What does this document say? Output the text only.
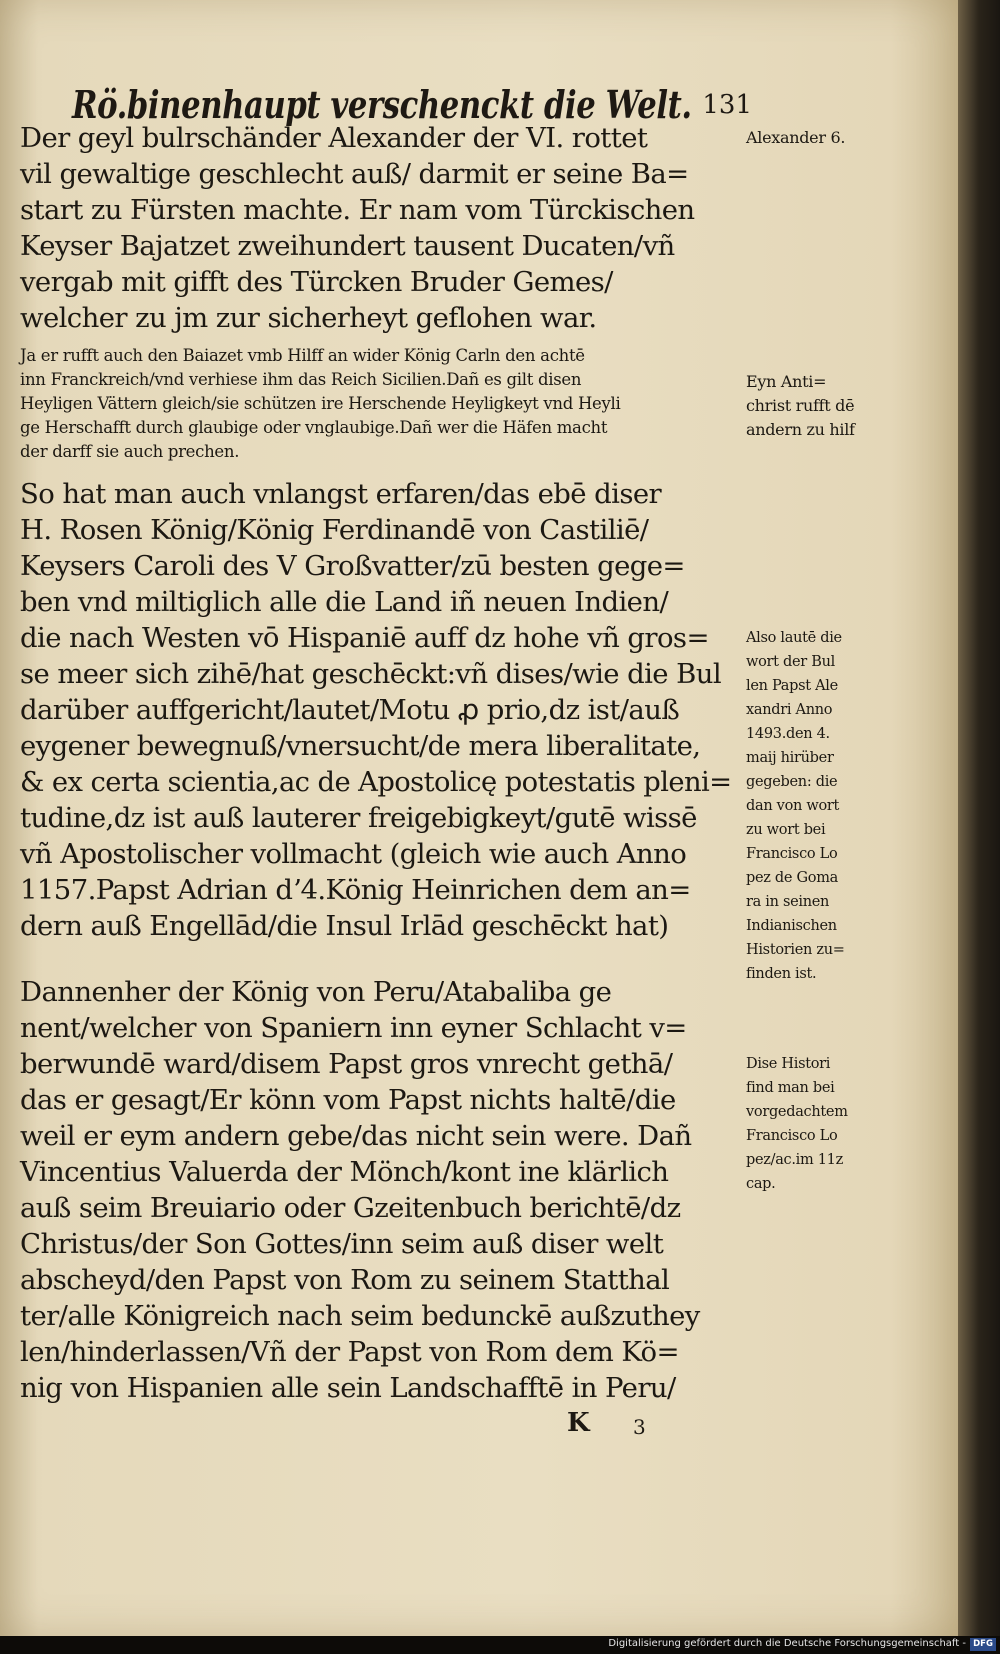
Rö.binenhaupt verschenckt die Welt. 131
Der geyl bulrschänder Alexander der VI. rottet
vil gewaltige geschlecht auß/ darmit er seine Ba=
start zu Fürsten machte. Er nam vom Türckischen
Keyser Bajatzet zweihundert tausent Ducaten/vñ
vergab mit gifft des Türcken Bruder Gemes/
welcher zu jm zur sicherheyt geflohen war.
Ja er rufft auch den Baiazet vmb Hilff an wider König Carln den achtē
inn Franckreich/vnd verhiese ihm das Reich Sicilien.Dañ es gilt disen
Heyligen Vättern gleich/sie schützen ire Herschende Heyligkeyt vnd Heyli
ge Herschafft durch glaubige oder vnglaubige.Dañ wer die Häfen macht
der darff sie auch prechen.
So hat man auch vnlangst erfaren/das ebē diser
H. Rosen König/König Ferdinandē von Castiliē/
Keysers Caroli des V Großvatter/zū besten gege=
ben vnd miltiglich alle die Land iñ neuen Indien/
die nach Westen vō Hispaniē auff dz hohe vñ gros=
se meer sich zihē/hat geschēckt:vñ dises/wie die Bul
darüber auffgericht/lautet/Motu ꝓ prio,dz ist/auß
eygener bewegnuß/vnersucht/de mera liberalitate,
& ex certa scientia,ac de Apostolicę potestatis pleni=
tudine,dz ist auß lauterer freigebigkeyt/gutē wissē
vñ Apostolischer vollmacht (gleich wie auch Anno
1157.Papst Adrian dʼ4.König Heinrichen dem an=
dern auß Engellād/die Insul Irlād geschēckt hat)
Dannenher der König von Peru/Atabaliba ge
nent/welcher von Spaniern inn eyner Schlacht v=
berwundē ward/disem Papst gros vnrecht gethā/
das er gesagt/Er könn vom Papst nichts haltē/die
weil er eym andern gebe/das nicht sein were. Dañ
Vincentius Valuerda der Mönch/kont ine klärlich
auß seim Breuiario oder Gzeitenbuch berichtē/dz
Christus/der Son Gottes/inn seim auß diser welt
abscheyd/den Papst von Rom zu seinem Statthal
ter/alle Königreich nach seim bedunckē außzuthey
len/hinderlassen/Vñ der Papst von Rom dem Kö=
nig von Hispanien alle sein Landschafftē in Peru/
K 3
Alexander 6.
Eyn Anti=
christ rufft dē
andern zu hilf
Also lautē die
wort der Bul
len Papst Ale
xandri Anno
1493.den 4.
maij hirüber
gegeben: die
dan von wort
zu wort bei
Francisco Lo
pez de Goma
ra in seinen
Indianischen
Historien zu=
finden ist.
Dise Histori
find man bei
vorgedachtem
Francisco Lo
pez/ac.im 11z
cap.
Digitalisierung gefördert durch die Deutsche Forschungsgemeinschaft - DFG
